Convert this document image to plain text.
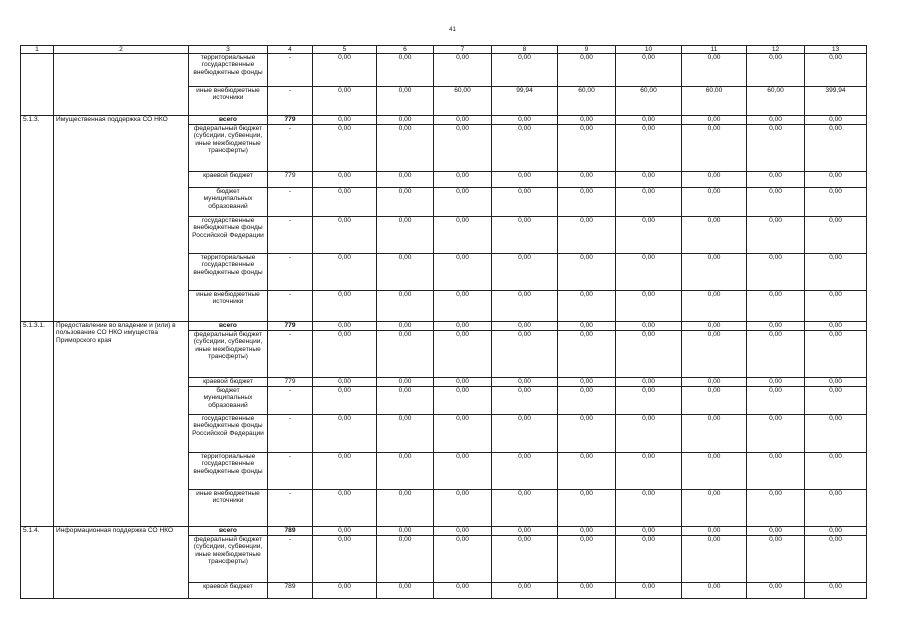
41
1	2	3	4	5	6	7	8	9	10	11	12	13
		территориальные государственные внебюджетные фонды	-	0,00	0,00	0,00	0,00	0,00	0,00	0,00	0,00	0,00
		иные внебюджетные источники	-	0,00	0,00	60,00	99,94	60,00	60,00	60,00	60,00	399,94
5.1.3.	Имущественная поддержка СО НКО	всего	779	0,00	0,00	0,00	0,00	0,00	0,00	0,00	0,00	0,00
		федеральный бюджет (субсидии, субвенции, иные межбюджетные трансферты)	-	0,00	0,00	0,00	0,00	0,00	0,00	0,00	0,00	0,00
		краевой бюджет	779	0,00	0,00	0,00	0,00	0,00	0,00	0,00	0,00	0,00
		бюджет муниципальных образований	-	0,00	0,00	0,00	0,00	0,00	0,00	0,00	0,00	0,00
		государственные внебюджетные фонды Российской Федерации	-	0,00	0,00	0,00	0,00	0,00	0,00	0,00	0,00	0,00
		территориальные государственные внебюджетные фонды	-	0,00	0,00	0,00	0,00	0,00	0,00	0,00	0,00	0,00
		иные внебюджетные источники	-	0,00	0,00	0,00	0,00	0,00	0,00	0,00	0,00	0,00
5.1.3.1.	Предоставление во владение и (или) в пользование СО НКО имущества Приморского края	всего	779	0,00	0,00	0,00	0,00	0,00	0,00	0,00	0,00	0,00
		федеральный бюджет (субсидии, субвенции, иные межбюджетные трансферты)	-	0,00	0,00	0,00	0,00	0,00	0,00	0,00	0,00	0,00
		краевой бюджет	779	0,00	0,00	0,00	0,00	0,00	0,00	0,00	0,00	0,00
		бюджет муниципальных образований	-	0,00	0,00	0,00	0,00	0,00	0,00	0,00	0,00	0,00
		государственные внебюджетные фонды Российской Федерации	-	0,00	0,00	0,00	0,00	0,00	0,00	0,00	0,00	0,00
		территориальные государственные внебюджетные фонды	-	0,00	0,00	0,00	0,00	0,00	0,00	0,00	0,00	0,00
		иные внебюджетные источники	-	0,00	0,00	0,00	0,00	0,00	0,00	0,00	0,00	0,00
5.1.4.	Информационная поддержка СО НКО	всего	789	0,00	0,00	0,00	0,00	0,00	0,00	0,00	0,00	0,00
		федеральный бюджет (субсидии, субвенции, иные межбюджетные трансферты)	-	0,00	0,00	0,00	0,00	0,00	0,00	0,00	0,00	0,00
		краевой бюджет	789	0,00	0,00	0,00	0,00	0,00	0,00	0,00	0,00	0,00
